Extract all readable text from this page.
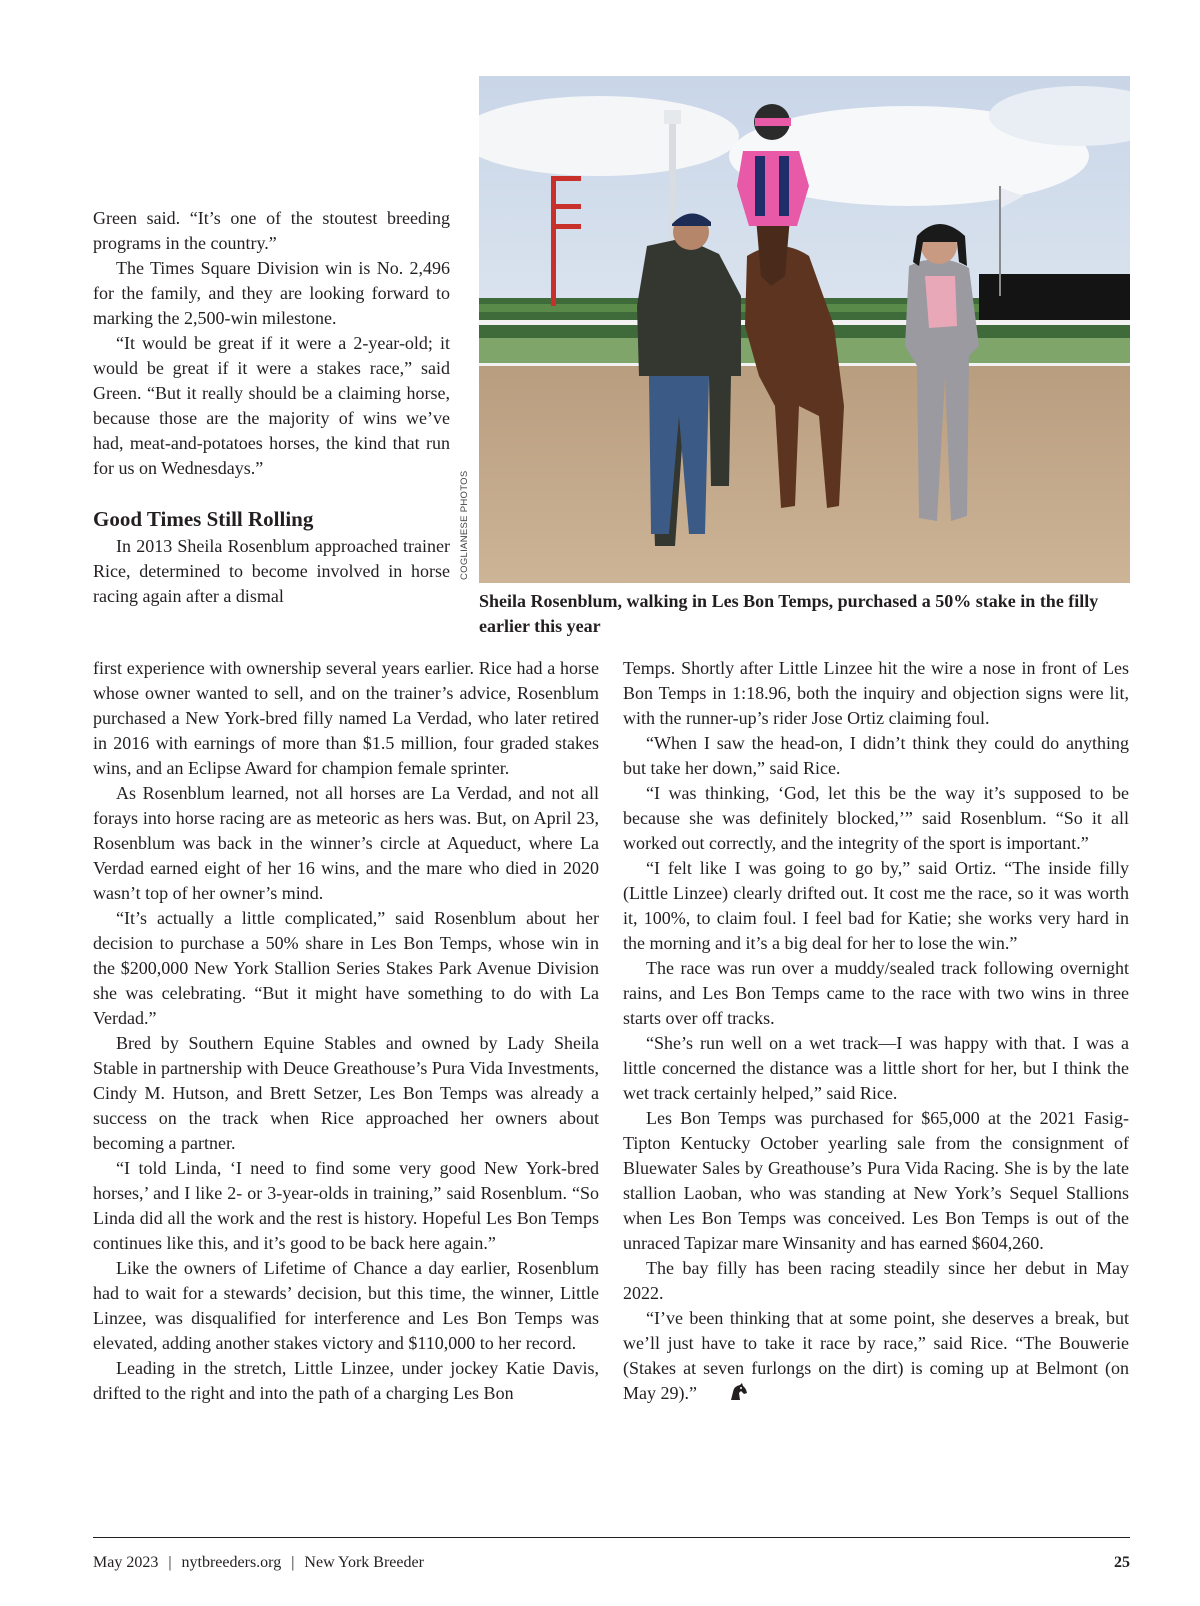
Green said. “It’s one of the stoutest breeding programs in the country.”

The Times Square Division win is No. 2,496 for the family, and they are looking forward to marking the 2,500-win milestone.

“It would be great if it were a 2-year-old; it would be great if it were a stakes race,” said Green. “But it really should be a claiming horse, because those are the majority of wins we’ve had, meat-and-potatoes horses, the kind that run for us on Wednesdays.”

Good Times Still Rolling

In 2013 Sheila Rosenblum approached trainer Rice, determined to become involved in horse racing again after a dismal

COGLIANESE PHOTOS
Sheila Rosenblum, walking in Les Bon Temps, purchased a 50% stake in the filly earlier this year

first experience with ownership several years earlier. Rice had a horse whose owner wanted to sell, and on the trainer’s advice, Rosenblum purchased a New York-bred filly named La Verdad, who later retired in 2016 with earnings of more than $1.5 million, four graded stakes wins, and an Eclipse Award for champion female sprinter.

As Rosenblum learned, not all horses are La Verdad, and not all forays into horse racing are as meteoric as hers was. But, on April 23, Rosenblum was back in the winner’s circle at Aqueduct, where La Verdad earned eight of her 16 wins, and the mare who died in 2020 wasn’t top of her owner’s mind.

“It’s actually a little complicated,” said Rosenblum about her decision to purchase a 50% share in Les Bon Temps, whose win in the $200,000 New York Stallion Series Stakes Park Avenue Division she was celebrating. “But it might have something to do with La Verdad.”

Bred by Southern Equine Stables and owned by Lady Sheila Stable in partnership with Deuce Greathouse’s Pura Vida Investments, Cindy M. Hutson, and Brett Setzer, Les Bon Temps was already a success on the track when Rice approached her owners about becoming a partner.

“I told Linda, ‘I need to find some very good New York-bred horses,’ and I like 2- or 3-year-olds in training,” said Rosenblum. “So Linda did all the work and the rest is history. Hopeful Les Bon Temps continues like this, and it’s good to be back here again.”

Like the owners of Lifetime of Chance a day earlier, Rosenblum had to wait for a stewards’ decision, but this time, the winner, Little Linzee, was disqualified for interference and Les Bon Temps was elevated, adding another stakes victory and $110,000 to her record.

Leading in the stretch, Little Linzee, under jockey Katie Davis, drifted to the right and into the path of a charging Les Bon

Temps. Shortly after Little Linzee hit the wire a nose in front of Les Bon Temps in 1:18.96, both the inquiry and objection signs were lit, with the runner-up’s rider Jose Ortiz claiming foul.

“When I saw the head-on, I didn’t think they could do anything but take her down,” said Rice.

“I was thinking, ‘God, let this be the way it’s supposed to be because she was definitely blocked,’” said Rosenblum. “So it all worked out correctly, and the integrity of the sport is important.”

“I felt like I was going to go by,” said Ortiz. “The inside filly (Little Linzee) clearly drifted out. It cost me the race, so it was worth it, 100%, to claim foul. I feel bad for Katie; she works very hard in the morning and it’s a big deal for her to lose the win.”

The race was run over a muddy/sealed track following overnight rains, and Les Bon Temps came to the race with two wins in three starts over off tracks.

“She’s run well on a wet track—I was happy with that. I was a little concerned the distance was a little short for her, but I think the wet track certainly helped,” said Rice.

Les Bon Temps was purchased for $65,000 at the 2021 Fasig-Tipton Kentucky October yearling sale from the consignment of Bluewater Sales by Greathouse’s Pura Vida Racing. She is by the late stallion Laoban, who was standing at New York’s Sequel Stallions when Les Bon Temps was conceived. Les Bon Temps is out of the unraced Tapizar mare Winsanity and has earned $604,260.

The bay filly has been racing steadily since her debut in May 2022.

“I’ve been thinking that at some point, she deserves a break, but we’ll just have to take it race by race,” said Rice. “The Bouwerie (Stakes at seven furlongs on the dirt) is coming up at Belmont (on May 29).”

May 2023 | nytbreeders.org | New York Breeder	25
